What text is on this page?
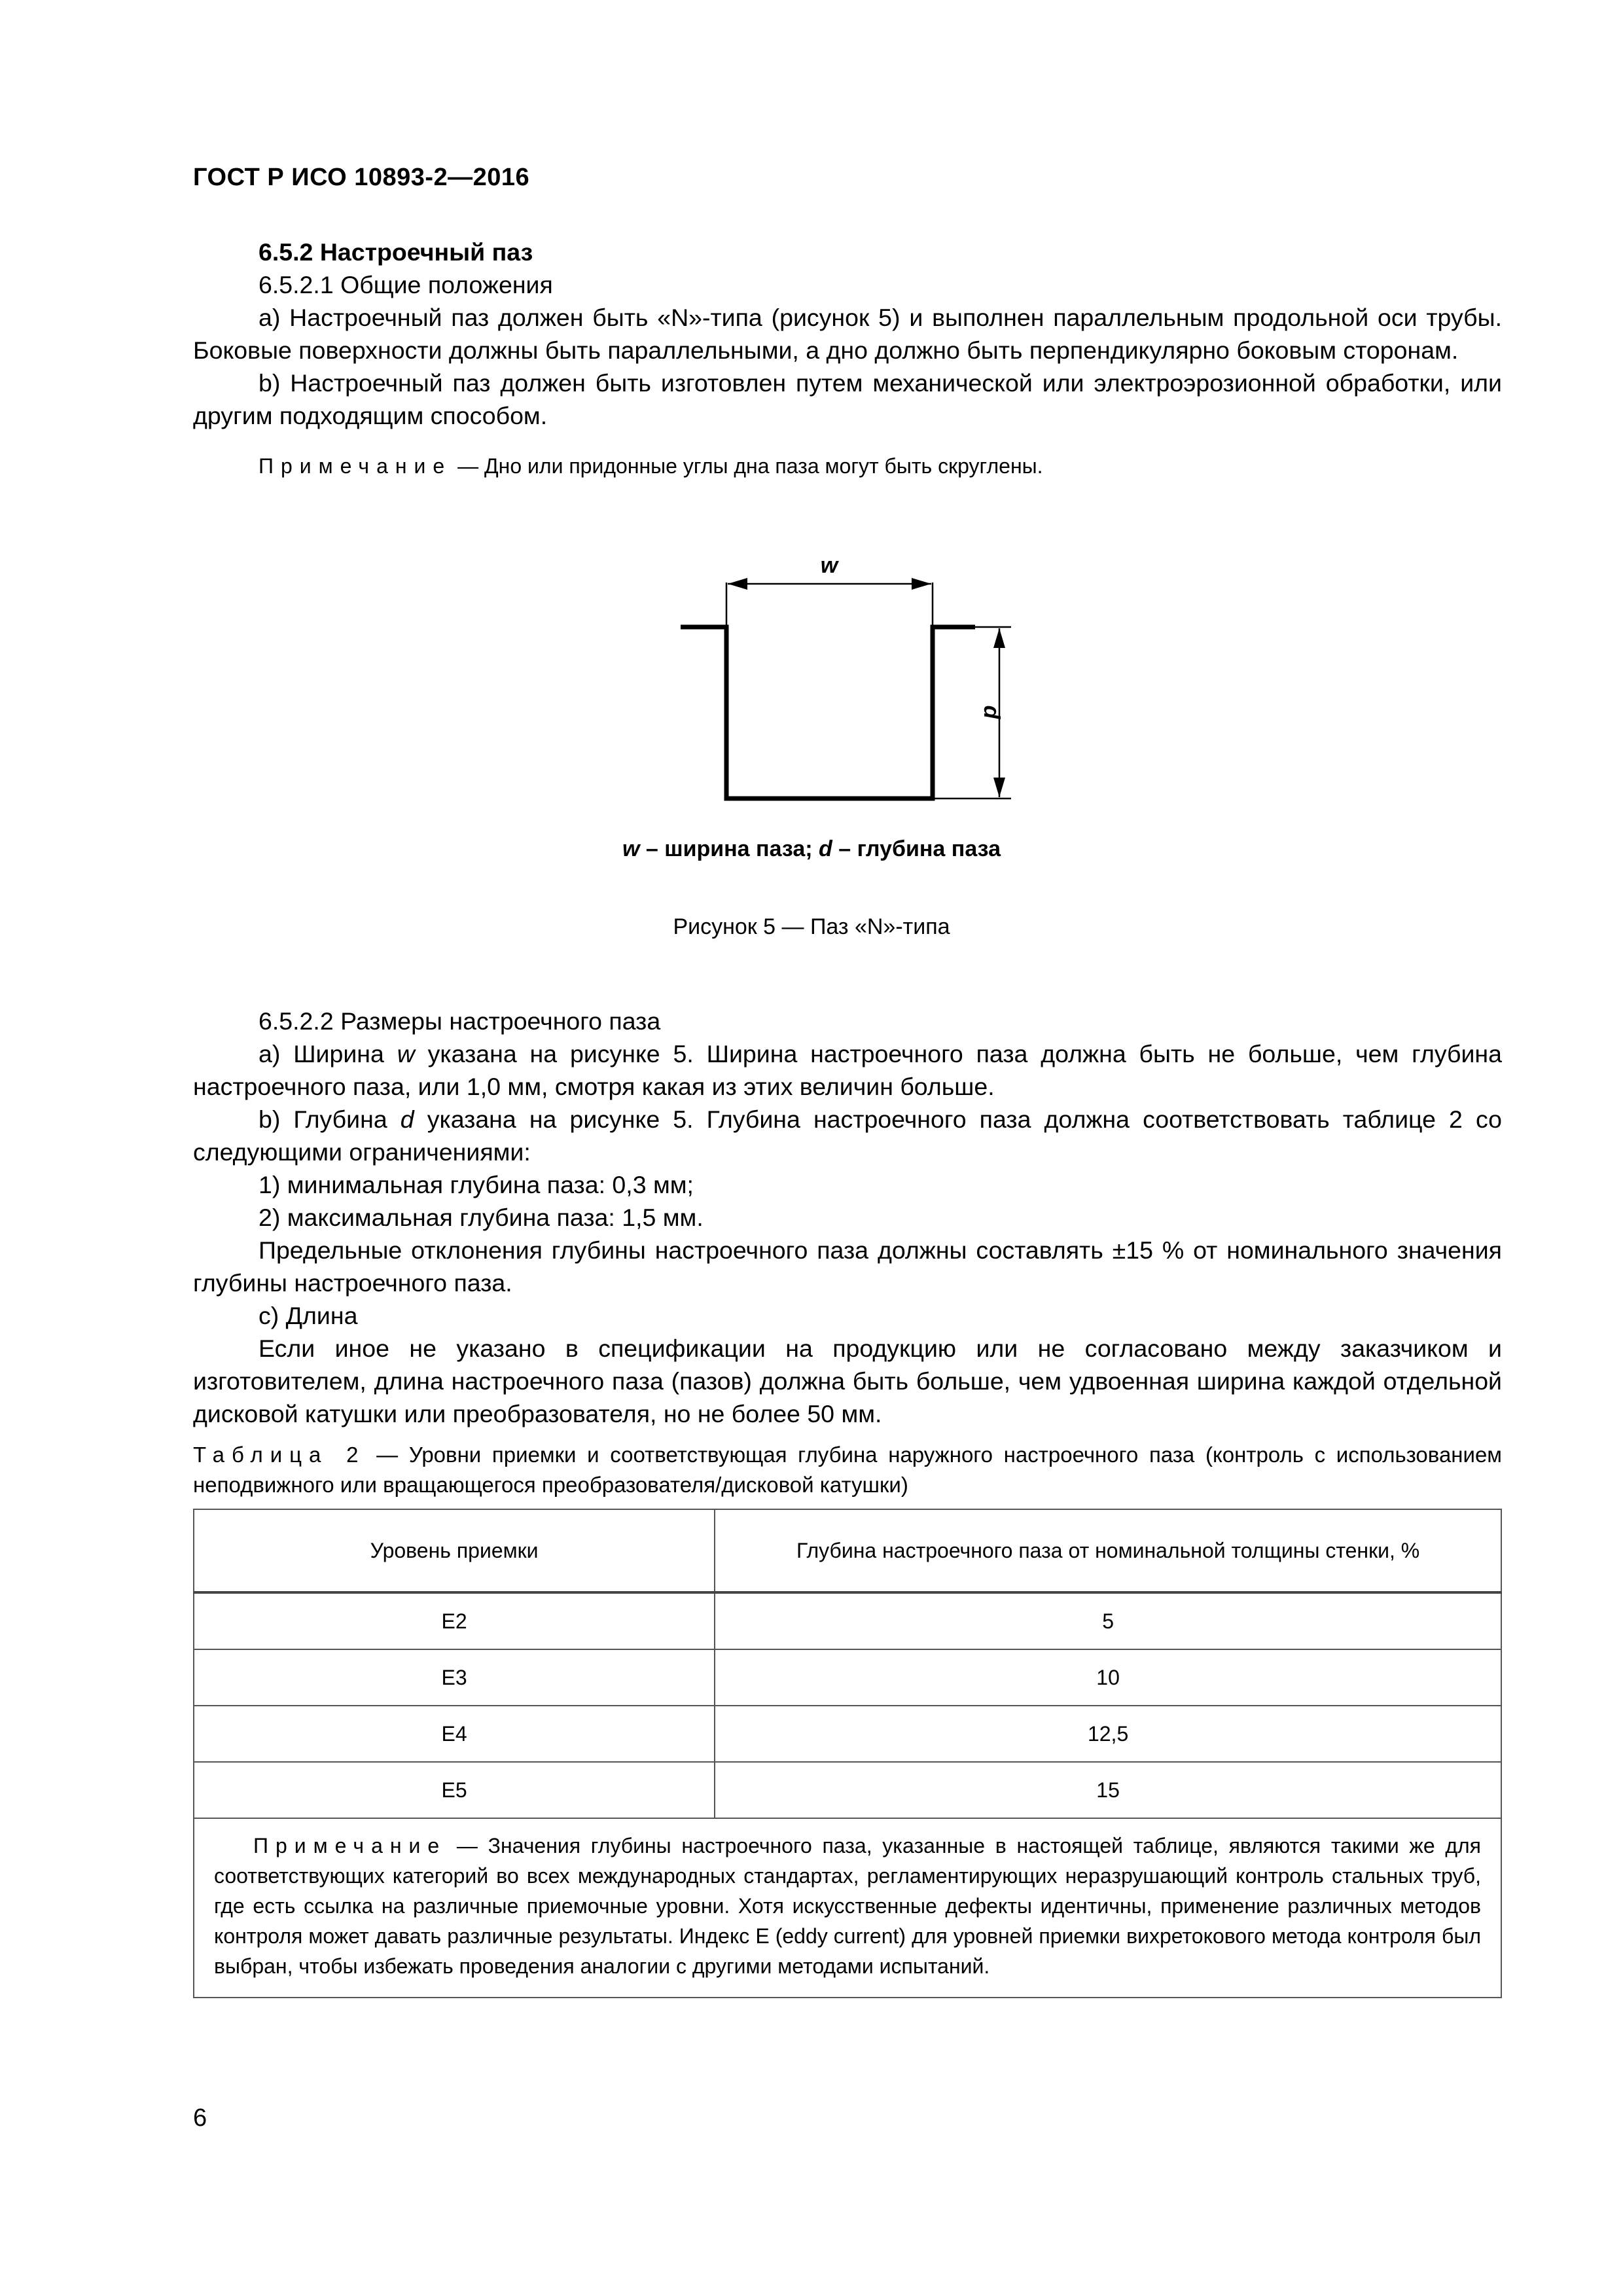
ГОСТ Р ИСО 10893-2—2016

6.5.2 Настроечный паз

6.5.2.1 Общие положения

a) Настроечный паз должен быть «N»-типа (рисунок 5) и выполнен параллельным продольной оси трубы. Боковые поверхности должны быть параллельными, а дно должно быть перпендикулярно боковым сторонам.

b) Настроечный паз должен быть изготовлен путем механической или электроэрозионной обработки, или другим подходящим способом.

Примечание — Дно или придонные углы дна паза могут быть скруглены.

w
d
w – ширина паза; d – глубина паза
Рисунок 5 — Паз «N»-типа

6.5.2.2 Размеры настроечного паза

a) Ширина w указана на рисунке 5. Ширина настроечного паза должна быть не больше, чем глубина настроечного паза, или 1,0 мм, смотря какая из этих величин больше.

b) Глубина d указана на рисунке 5. Глубина настроечного паза должна соответствовать таблице 2 со следующими ограничениями:

1) минимальная глубина паза: 0,3 мм;

2) максимальная глубина паза: 1,5 мм.

Предельные отклонения глубины настроечного паза должны составлять ±15 % от номинального значения глубины настроечного паза.

c) Длина

Если иное не указано в спецификации на продукцию или не согласовано между заказчиком и изготовителем, длина настроечного паза (пазов) должна быть больше, чем удвоенная ширина каждой отдельной дисковой катушки или преобразователя, но не более 50 мм.

Таблица 2 — Уровни приемки и соответствующая глубина наружного настроечного паза (контроль с использованием неподвижного или вращающегося преобразователя/дисковой катушки)
Уровень приемки	Глубина настроечного паза от номинальной толщины стенки, %
E2	5
E3	10
E4	12,5
E5	15
Примечание — Значения глубины настроечного паза, указанные в настоящей таблице, являются такими же для соответствующих категорий во всех международных стандартах, регламентирующих неразрушающий контроль стальных труб, где есть ссылка на различные приемочные уровни. Хотя искусственные дефекты идентичны, применение различных методов контроля может давать различные результаты. Индекс E (eddy current) для уровней приемки вихретокового метода контроля был выбран, чтобы избежать проведения аналогии с другими методами испытаний.	
6
